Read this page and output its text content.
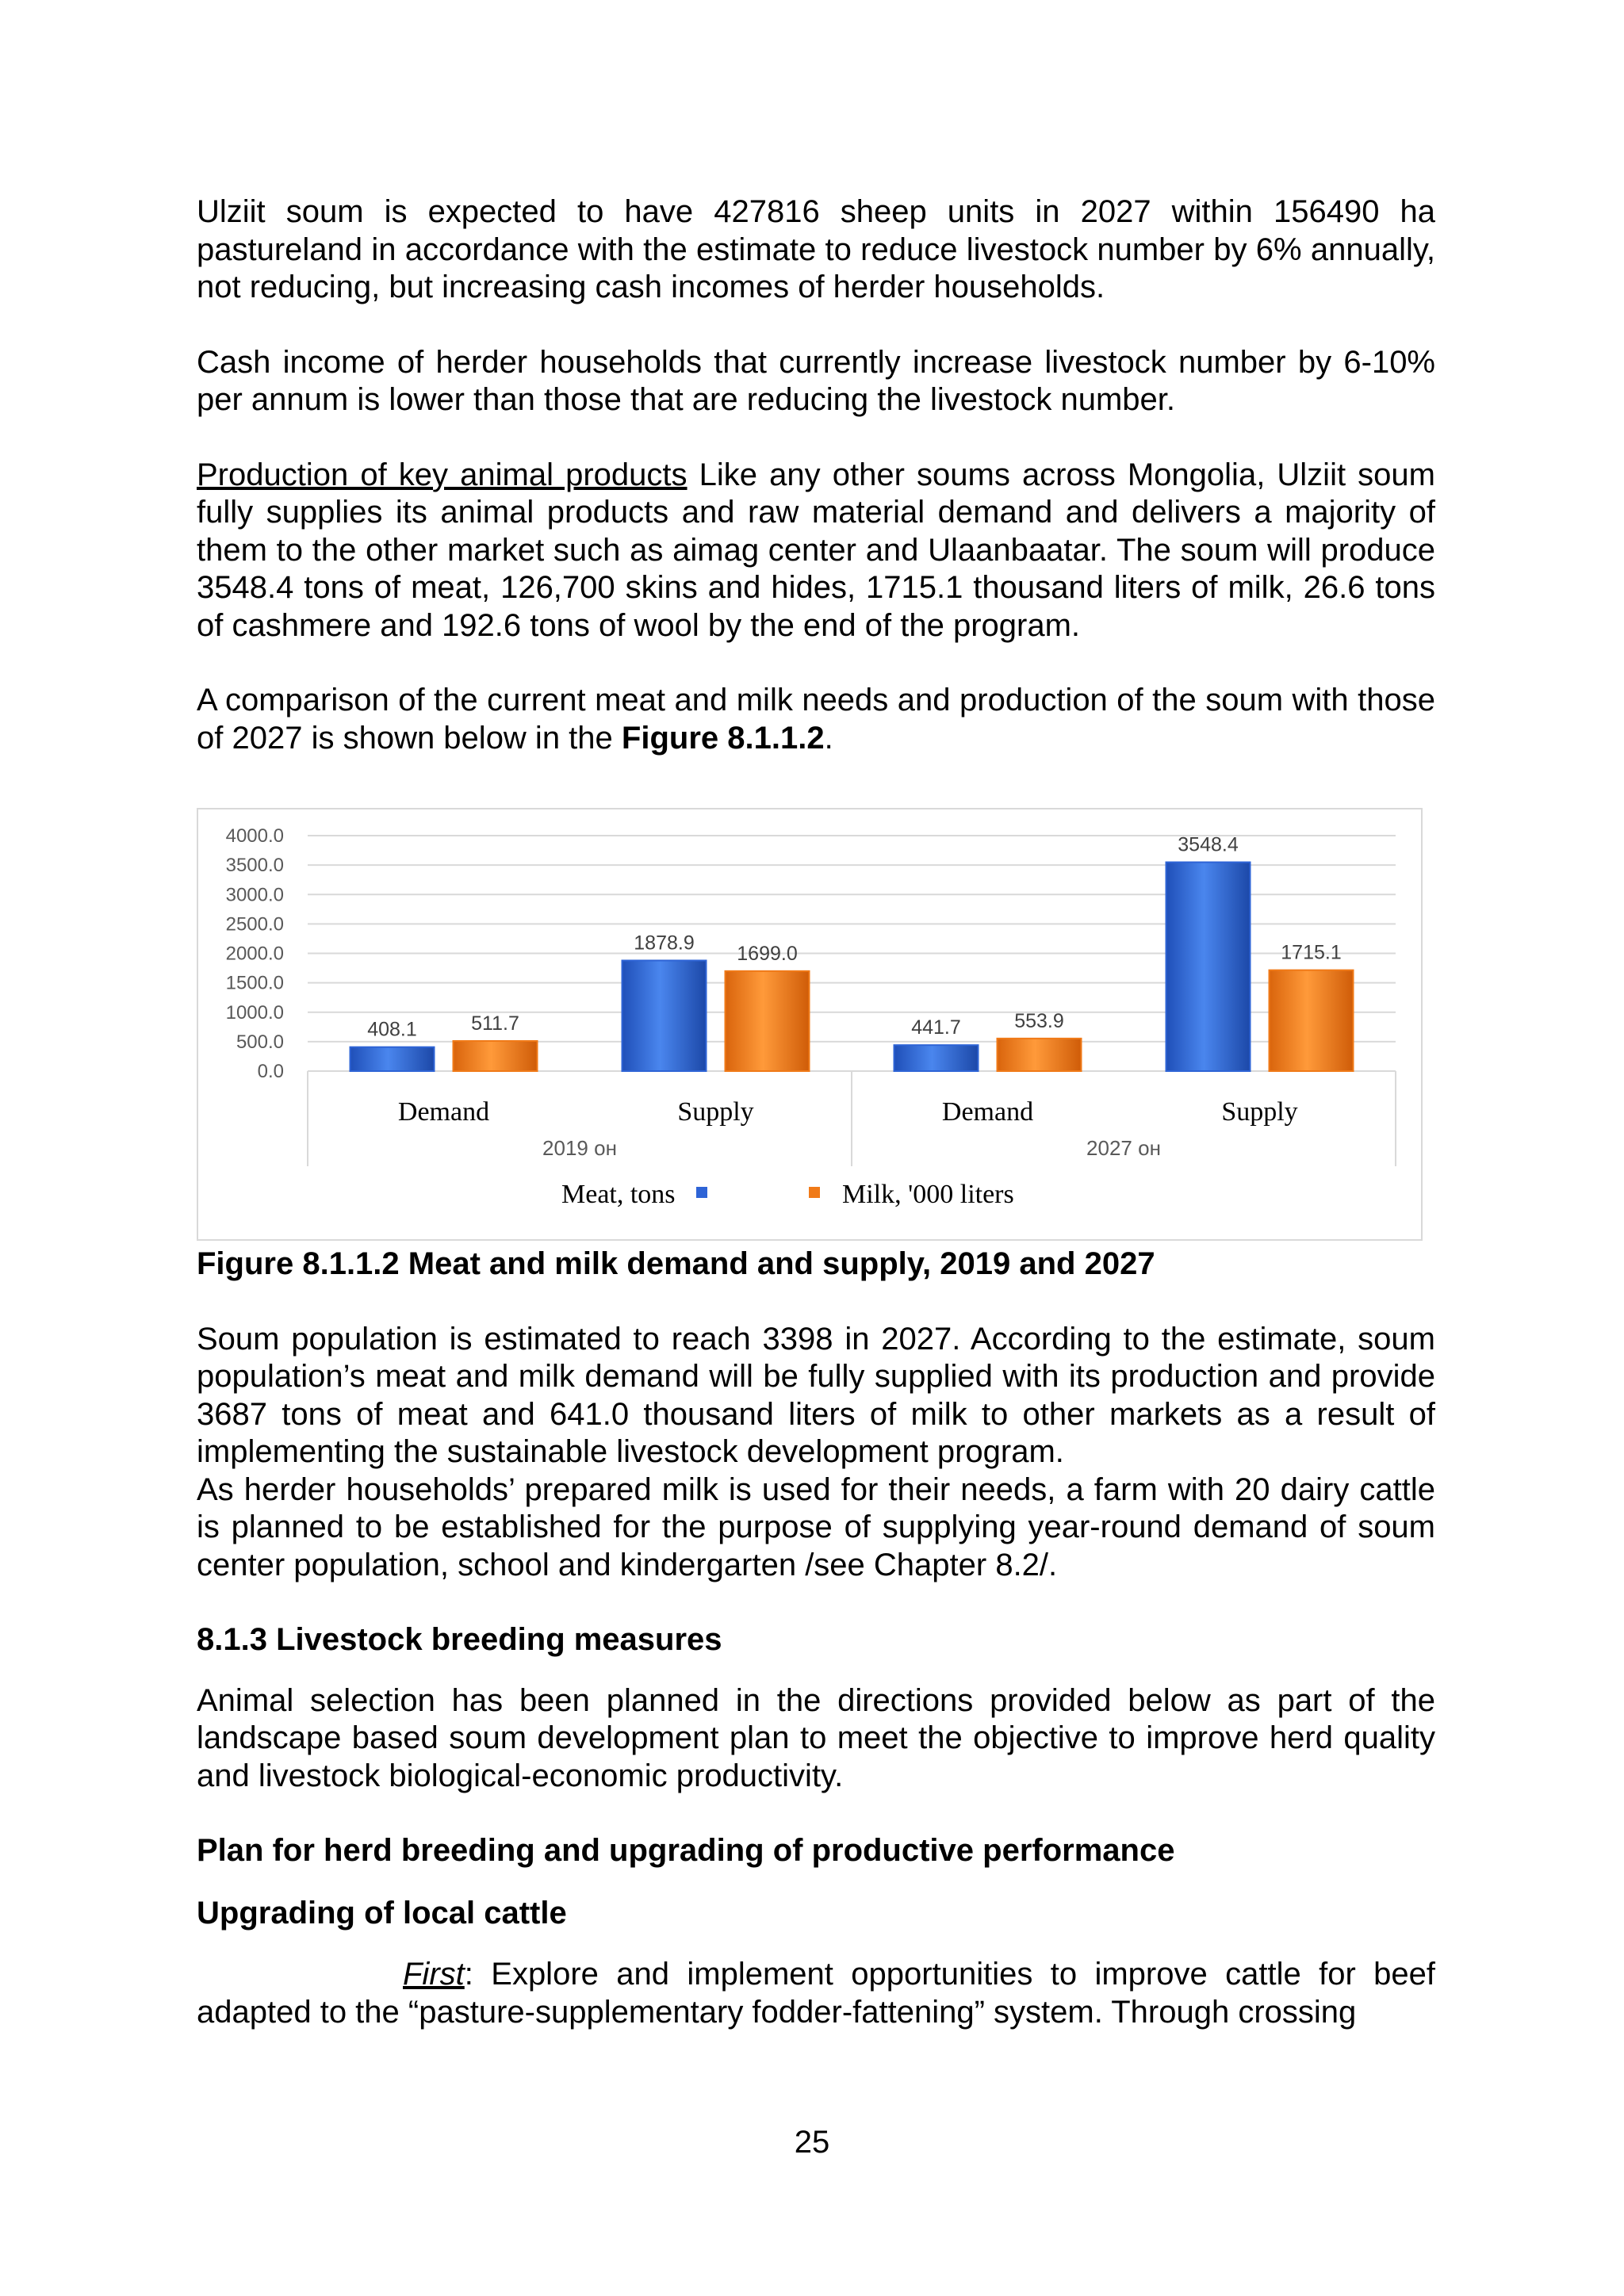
Ulziit soum is expected to have 427816 sheep units in 2027 within 156490 ha pastureland in accordance with the estimate to reduce livestock number by 6% annually, not reducing, but increasing cash incomes of herder households.

Cash income of herder households that currently increase livestock number by 6-10% per annum is lower than those that are reducing the livestock number.

Production of key animal products Like any other soums across Mongolia, Ulziit soum fully supplies its animal products and raw material demand and delivers a majority of them to the other market such as aimag center and Ulaanbaatar. The soum will produce 3548.4 tons of meat, 126,700 skins and hides, 1715.1 thousand liters of milk, 26.6 tons of cashmere and 192.6 tons of wool by the end of the program.

A comparison of the current meat and milk needs and production of the soum with those of 2027 is shown below in the Figure 8.1.1.2.

0.0
500.0
1000.0
1500.0
2000.0
2500.0
3000.0
3500.0
4000.0
408.1	511.7
Demand
1878.9 1699.0
Supply
441.7	553.9
Demand
3548.4
1715.1
Supply
2019 он	2027 он
Meat, tons	Milk, '000 liters

Figure 8.1.1.2 Meat and milk demand and supply, 2019 and 2027

Soum population is estimated to reach 3398 in 2027. According to the estimate, soum population’s meat and milk demand will be fully supplied with its production and provide 3687 tons of meat and 641.0 thousand liters of milk to other markets as a result of implementing the sustainable livestock development program.

As herder households’ prepared milk is used for their needs, a farm with 20 dairy cattle is planned to be established for the purpose of supplying year-round demand of soum center population, school and kindergarten /see Chapter 8.2/.

8.1.3 Livestock breeding measures

Animal selection has been planned in the directions provided below as part of the landscape based soum development plan to meet the objective to improve herd quality and livestock biological-economic productivity.

Plan for herd breeding and upgrading of productive performance
Upgrading of local cattle

First: Explore and implement opportunities to improve cattle for beef adapted to the “pasture-supplementary fodder-fattening” system. Through crossing

25
